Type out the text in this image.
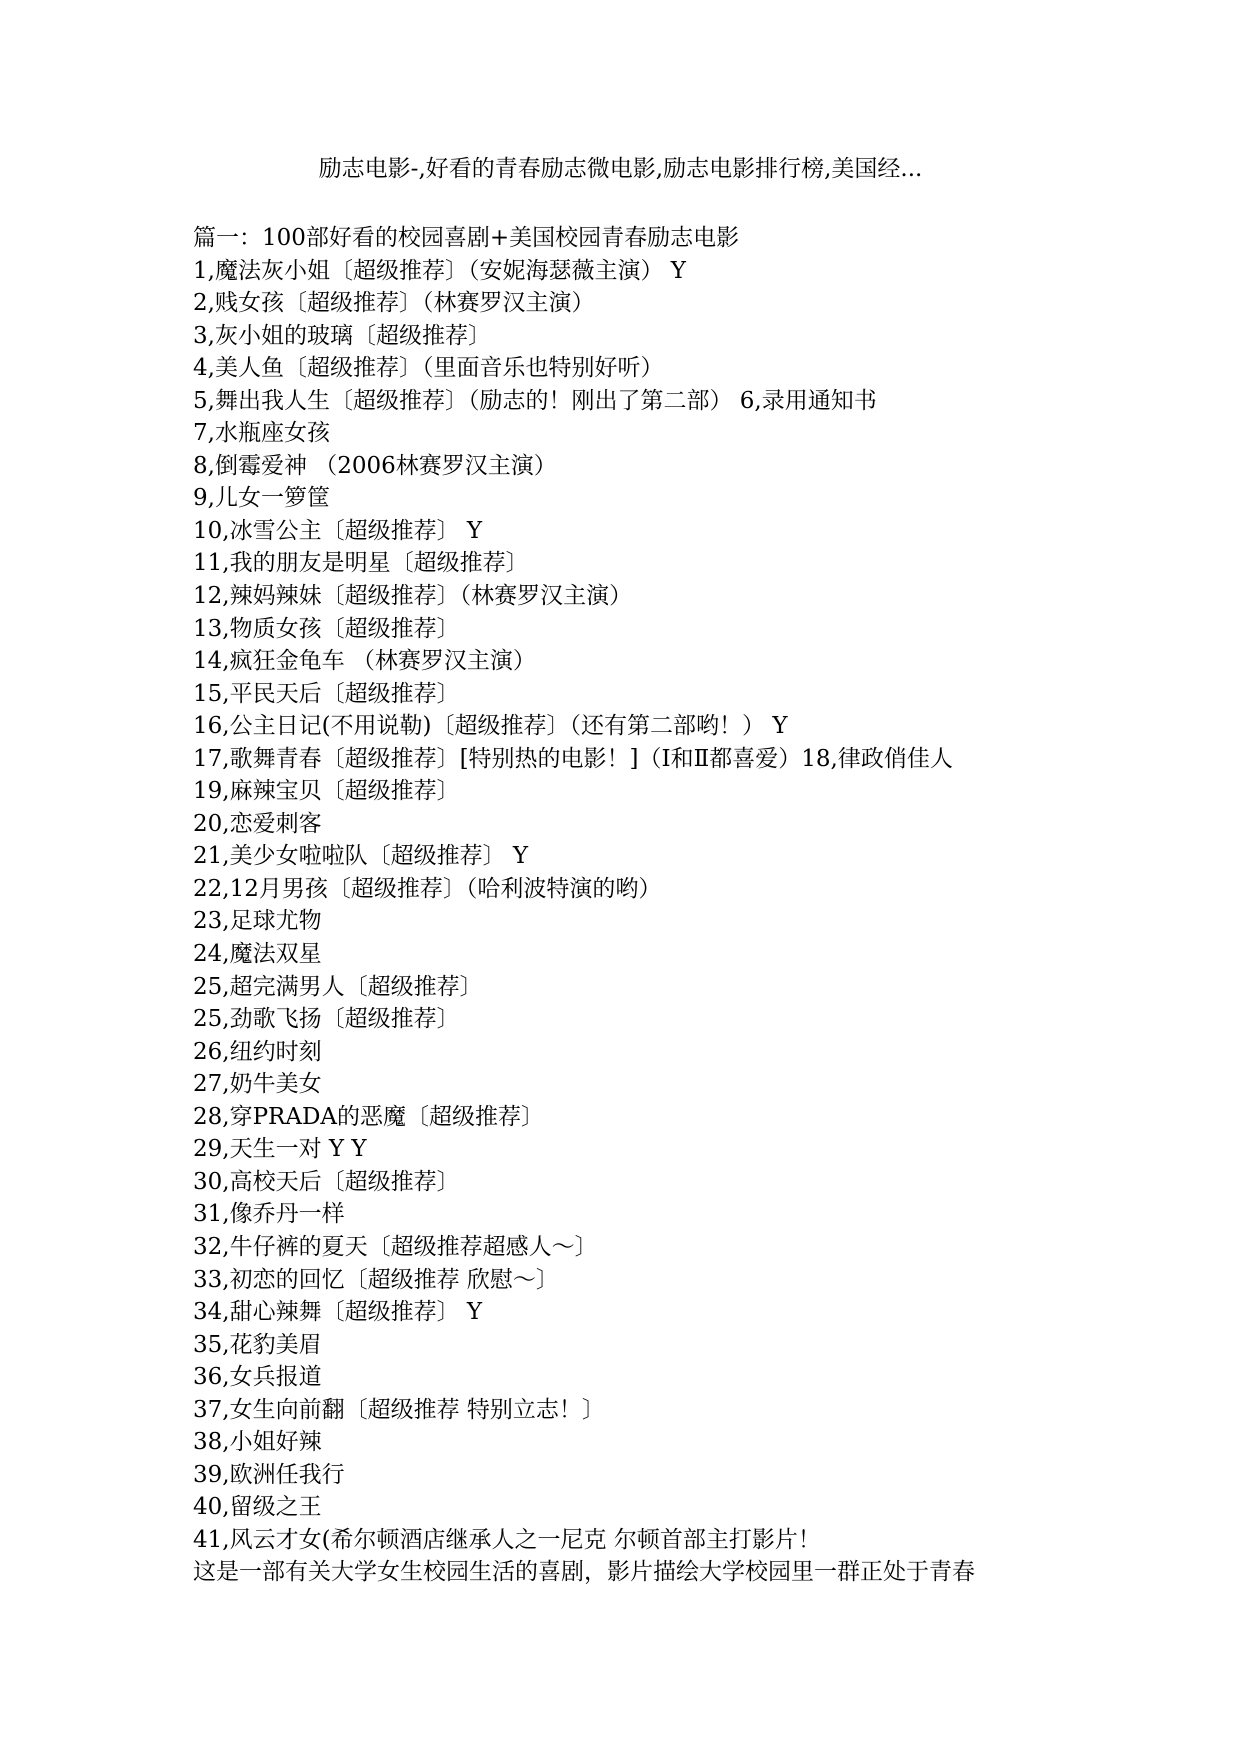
励志电影-,好看的青春励志微电影,励志电影排行榜,美国经...
篇一：100部好看的校园喜剧+美国校园青春励志电影
1,魔法灰小姐〔超级推荐〕（安妮海瑟薇主演） Y
2,贱女孩〔超级推荐〕（林赛罗汉主演）
3,灰小姐的玻璃〔超级推荐〕
4,美人鱼〔超级推荐〕（里面音乐也特别好听）
5,舞出我人生〔超级推荐〕（励志的！刚出了第二部） 6,录用通知书
7,水瓶座女孩
8,倒霉爱神 （2006林赛罗汉主演）
9,儿女一箩筐
10,冰雪公主〔超级推荐〕 Y
11,我的朋友是明星〔超级推荐〕
12,辣妈辣妹〔超级推荐〕（林赛罗汉主演）
13,物质女孩〔超级推荐〕
14,疯狂金龟车 （林赛罗汉主演）
15,平民天后〔超级推荐〕
16,公主日记(不用说勒)〔超级推荐〕（还有第二部哟！） Y
17,歌舞青春〔超级推荐〕[特别热的电影！]（Ⅰ和Ⅱ都喜爱）18,律政俏佳人
19,麻辣宝贝〔超级推荐〕
20,恋爱刺客
21,美少女啦啦队〔超级推荐〕 Y
22,12月男孩〔超级推荐〕（哈利波特演的哟）
23,足球尤物
24,魔法双星
25,超完满男人〔超级推荐〕
25,劲歌飞扬〔超级推荐〕
26,纽约时刻
27,奶牛美女
28,穿PRADA的恶魔〔超级推荐〕
29,天生一对 Y Y
30,高校天后〔超级推荐〕
31,像乔丹一样
32,牛仔裤的夏天〔超级推荐超感人～〕
33,初恋的回忆〔超级推荐 欣慰～〕
34,甜心辣舞〔超级推荐〕 Y
35,花豹美眉
36,女兵报道
37,女生向前翻〔超级推荐 特别立志！〕
38,小姐好辣
39,欧洲任我行
40,留级之王
41,风云才女(希尔顿酒店继承人之一尼克 尔顿首部主打影片！
这是一部有关大学女生校园生活的喜剧，影片描绘大学校园里一群正处于青春
